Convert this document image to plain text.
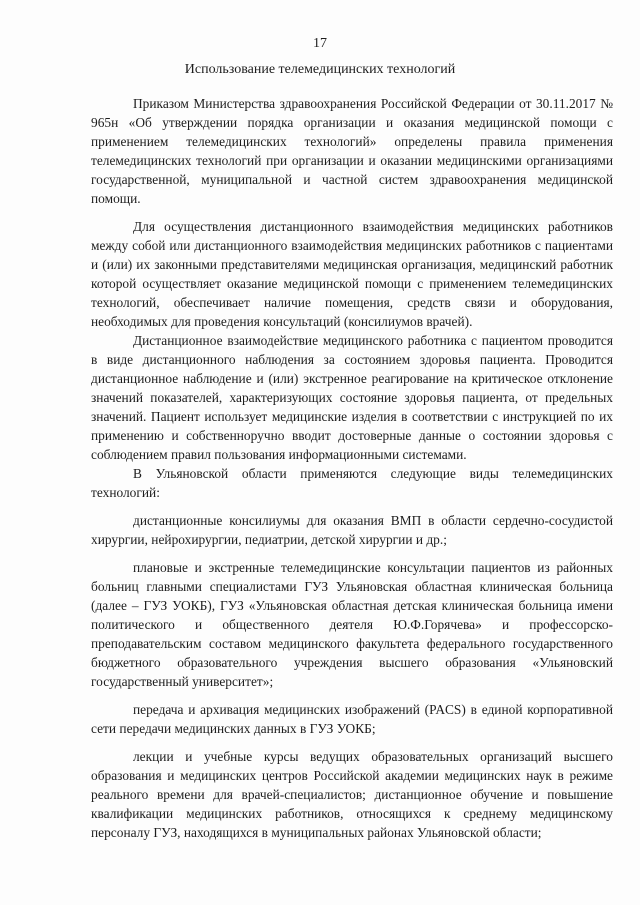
17
Использование телемедицинских технологий

Приказом Министерства здравоохранения Российской Федерации от 30.11.2017 № 965н «Об утверждении порядка организации и оказания медицинской помощи с применением телемедицинских технологий» определены правила применения телемедицинских технологий при организации и оказании медицинскими организациями государственной, муниципальной и частной систем здравоохранения медицинской помощи.

Для осуществления дистанционного взаимодействия медицинских работников между собой или дистанционного взаимодействия медицинских работников с пациентами и (или) их законными представителями медицинская организация, медицинский работник которой осуществляет оказание медицинской помощи с применением телемедицинских технологий, обеспечивает наличие помещения, средств связи и оборудования, необходимых для проведения консультаций (консилиумов врачей).

Дистанционное взаимодействие медицинского работника с пациентом проводится в виде дистанционного наблюдения за состоянием здоровья пациента. Проводится дистанционное наблюдение и (или) экстренное реагирование на критическое отклонение значений показателей, характеризующих состояние здоровья пациента, от предельных значений. Пациент использует медицинские изделия в соответствии с инструкцией по их применению и собственноручно вводит достоверные данные о состоянии здоровья с соблюдением правил пользования информационными системами.

В Ульяновской области применяются следующие виды телемедицинских технологий:

дистанционные консилиумы для оказания ВМП в области сердечно-сосудистой хирургии, нейрохирургии, педиатрии, детской хирургии и др.;

плановые и экстренные телемедицинские консультации пациентов из районных больниц главными специалистами ГУЗ Ульяновская областная клиническая больница (далее – ГУЗ УОКБ), ГУЗ «Ульяновская областная детская клиническая больница имени политического и общественного деятеля Ю.Ф.Горячева» и профессорско-преподавательским составом медицинского факультета федерального государственного бюджетного образовательного учреждения высшего образования «Ульяновский государственный университет»;

передача и архивация медицинских изображений (PACS) в единой корпоративной сети передачи медицинских данных в ГУЗ УОКБ;

лекции и учебные курсы ведущих образовательных организаций высшего образования и медицинских центров Российской академии медицинских наук в режиме реального времени для врачей-специалистов; дистанционное обучение и повышение квалификации медицинских работников, относящихся к среднему медицинскому персоналу ГУЗ, находящихся в муниципальных районах Ульяновской области;
